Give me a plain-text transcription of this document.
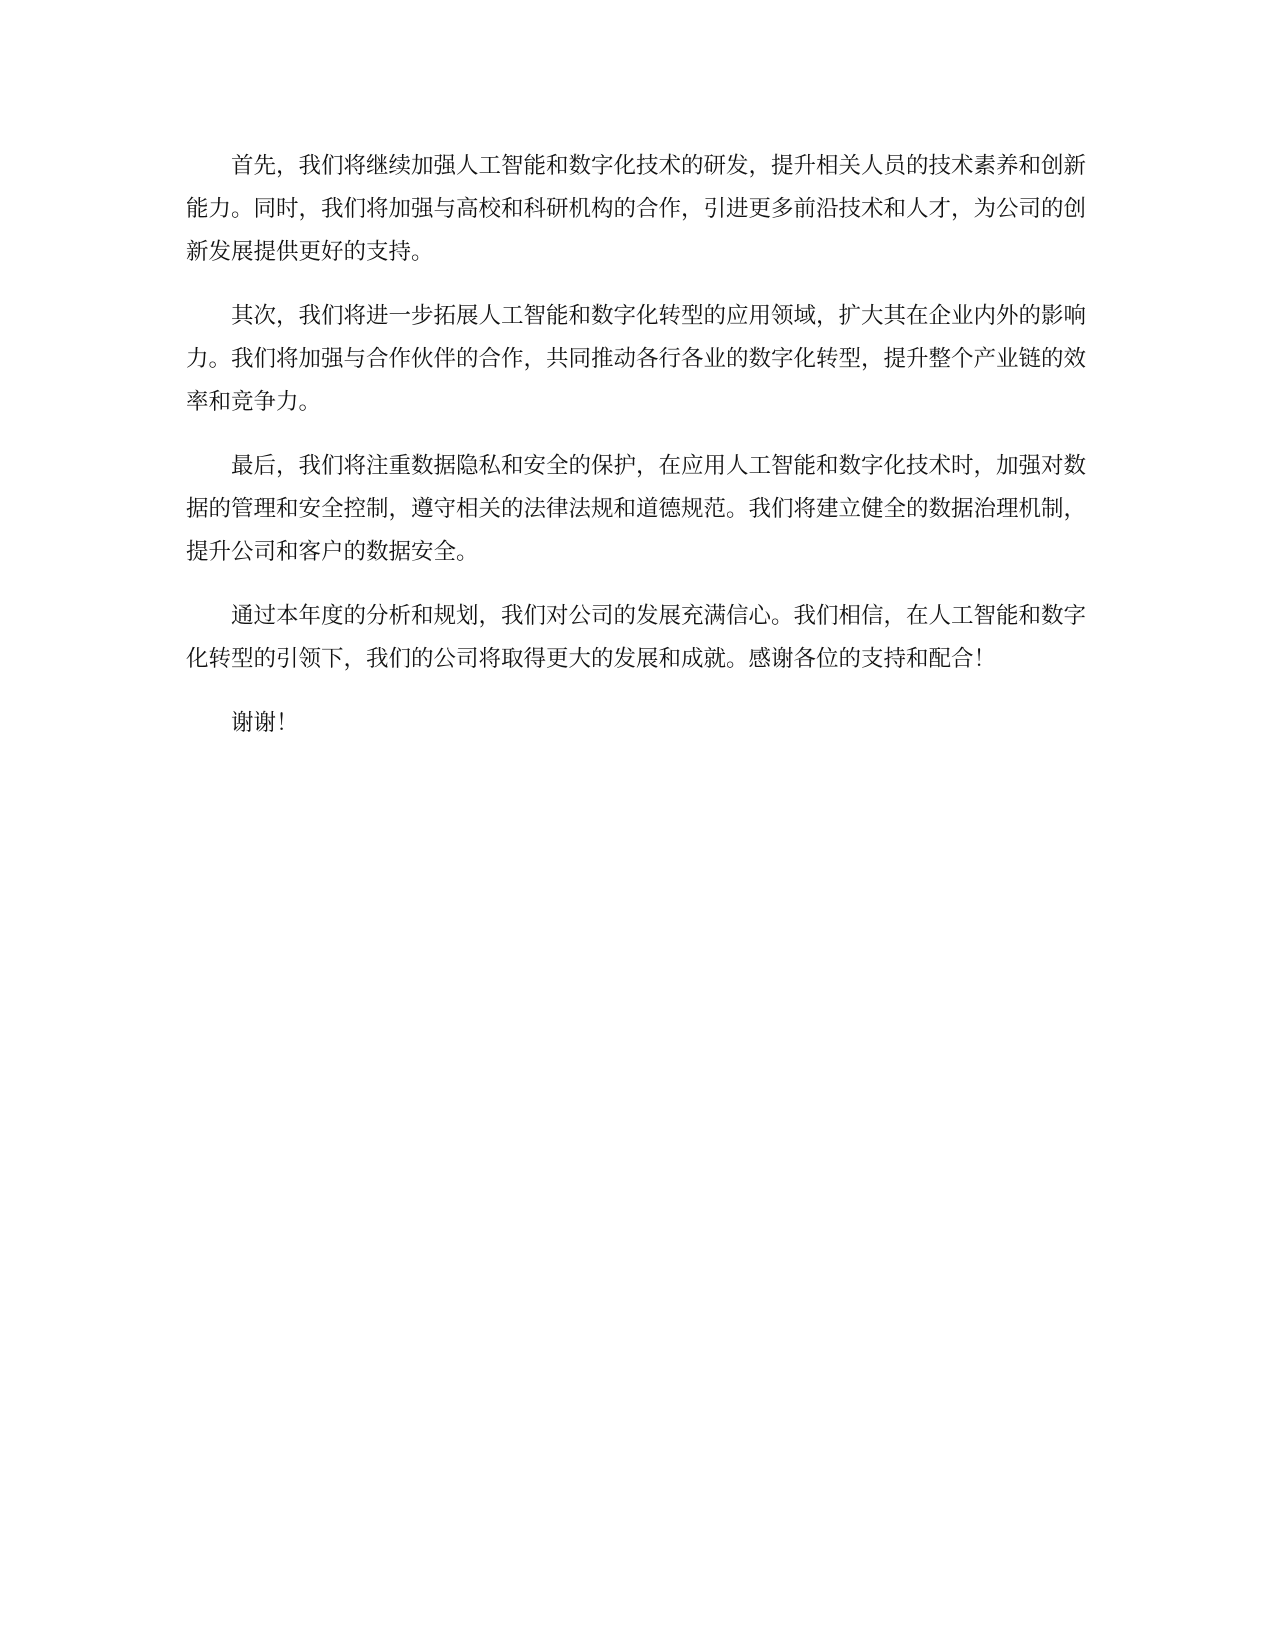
首先，我们将继续加强人工智能和数字化技术的研发，提升相关人员的技术素养和创新能力。同时，我们将加强与高校和科研机构的合作，引进更多前沿技术和人才，为公司的创新发展提供更好的支持。

其次，我们将进一步拓展人工智能和数字化转型的应用领域，扩大其在企业内外的影响力。我们将加强与合作伙伴的合作，共同推动各行各业的数字化转型，提升整个产业链的效率和竞争力。

最后，我们将注重数据隐私和安全的保护，在应用人工智能和数字化技术时，加强对数据的管理和安全控制，遵守相关的法律法规和道德规范。我们将建立健全的数据治理机制，提升公司和客户的数据安全。

通过本年度的分析和规划，我们对公司的发展充满信心。我们相信，在人工智能和数字化转型的引领下，我们的公司将取得更大的发展和成就。感谢各位的支持和配合！

谢谢！
